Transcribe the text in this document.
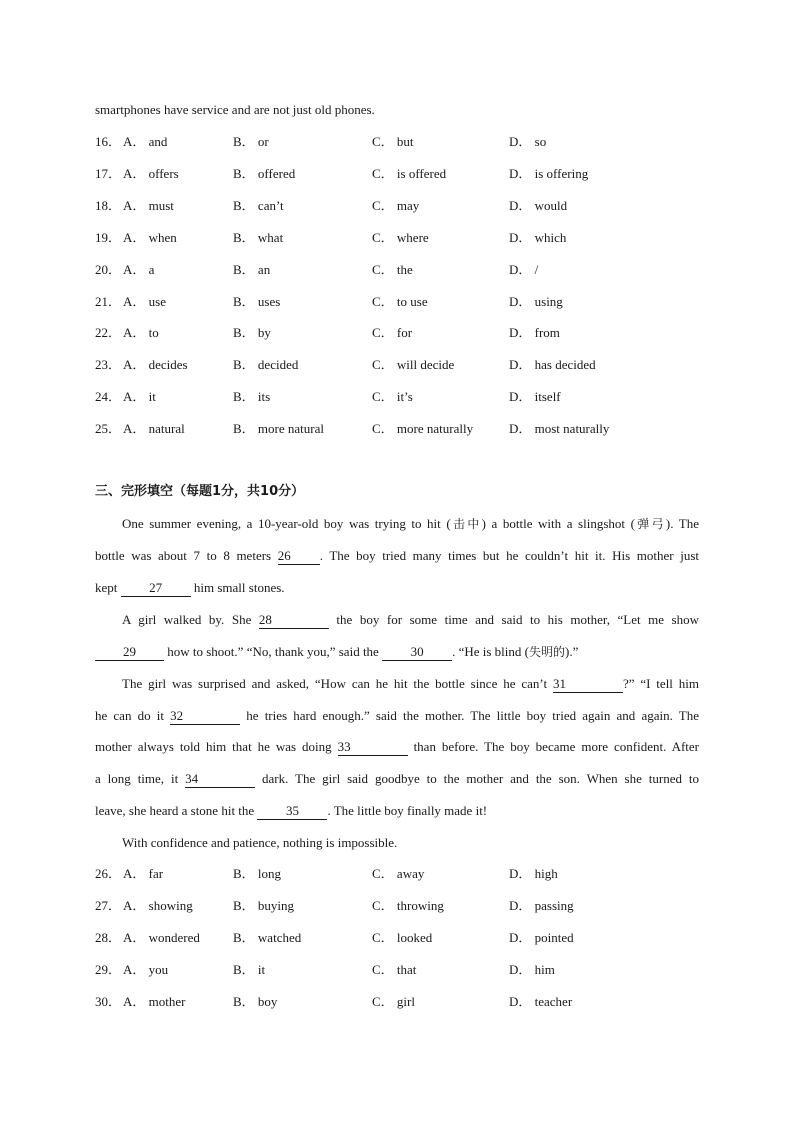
smartphones have service and are not just old phones.
16． A． and	B． or	C． but	D． so
17． A． offers	B． offered	C． is offered	D． is offering
18． A． must	B． can’t	C． may	D． would
19． A． when	B． what	C． where	D． which
20． A． a	B． an	C． the	D． /
21． A． use	B． uses	C． to use	D． using
22． A． to	B． by	C． for	D． from
23． A． decides	B． decided	C． will decide	D． has decided
24． A． it	B． its	C． it’s	D． itself
25． A． natural	B． more natural	C． more naturally	D． most naturally
三、完形填空（每题1分，共10分）
One summer evening, a 10-year-old boy was trying to hit (击中) a bottle with a slingshot (弹弓). The
bottle was about 7 to 8 meters 26 . The boy tried many times but he couldn’t hit it. His mother just
kept 27 him small stones.
A girl walked by. She 28	the boy for some time and said to his mother, “Let me show
29 how to shoot.” “No, thank you,” said the 30 . “He is blind (失明的).”
The girl was surprised and asked, “How can he hit the bottle since he can’t 31	?” “I tell him
he can do it 32	he tries hard enough.” said the mother. The little boy tried again and again. The
mother always told him that he was doing 33	than before. The boy became more confident. After
a long time, it 34	dark. The girl said goodbye to the mother and the son. When she turned to
leave, she heard a stone hit the 35 . The little boy finally made it!
With confidence and patience, nothing is impossible.
26． A． far	B． long	C． away	D． high
27． A． showing	B． buying	C． throwing	D． passing
28． A． wondered	B． watched	C． looked	D． pointed
29． A． you	B． it	C． that	D． him
30． A． mother	B． boy	C． girl	D． teacher
